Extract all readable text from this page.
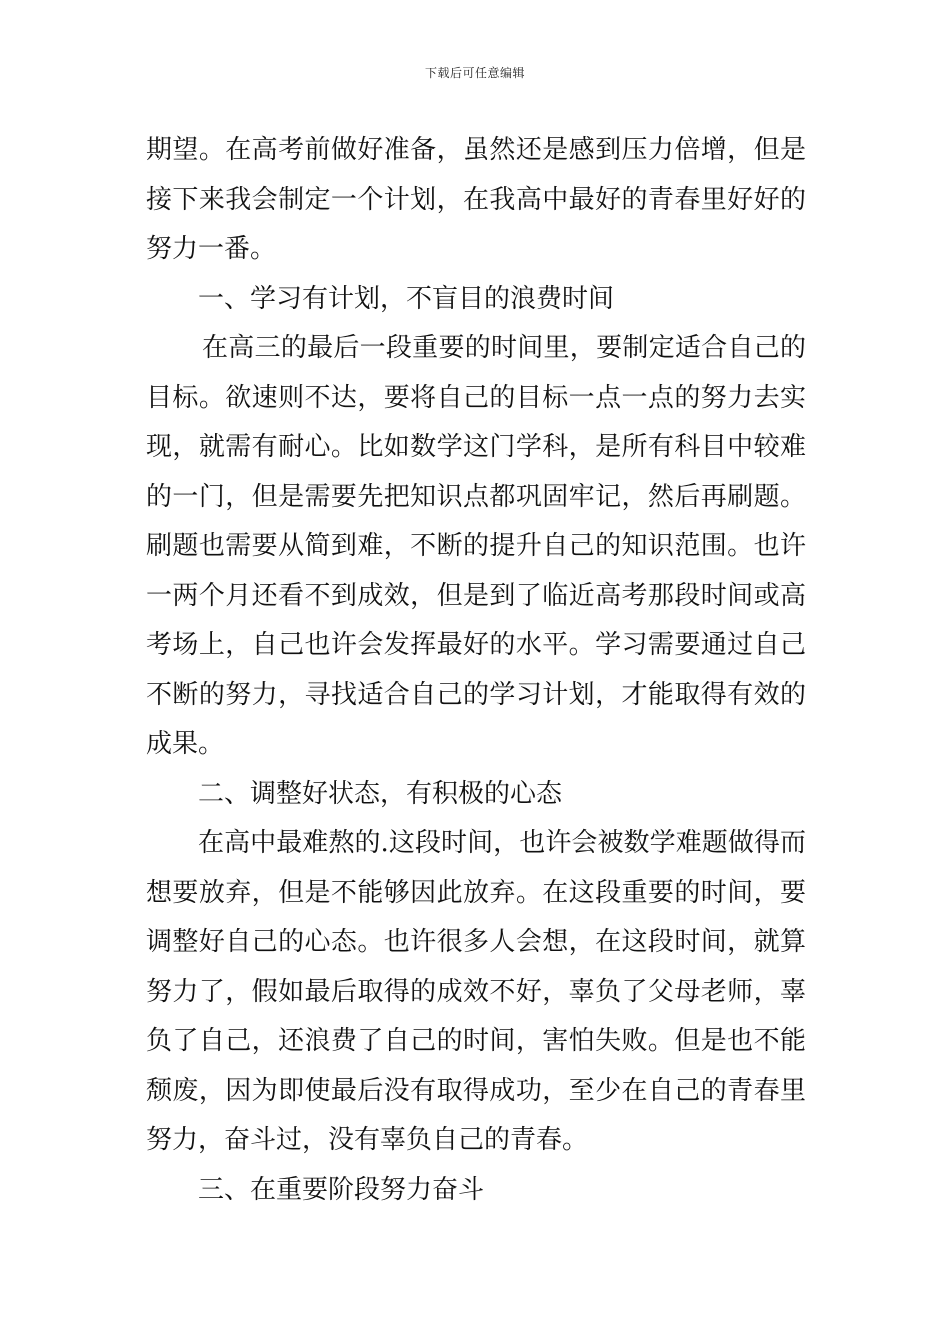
下载后可任意编辑

期望。在高考前做好准备，虽然还是感到压力倍增，但是接下来我会制定一个计划，在我高中最好的青春里好好的努力一番。

一、学习有计划，不盲目的浪费时间

在高三的最后一段重要的时间里，要制定适合自己的目标。欲速则不达，要将自己的目标一点一点的努力去实现，就需有耐心。比如数学这门学科，是所有科目中较难的一门，但是需要先把知识点都巩固牢记，然后再刷题。刷题也需要从简到难，不断的提升自己的知识范围。也许一两个月还看不到成效，但是到了临近高考那段时间或高考场上，自己也许会发挥最好的水平。学习需要通过自己不断的努力，寻找适合自己的学习计划，才能取得有效的成果。

二、调整好状态，有积极的心态

在高中最难熬的.这段时间，也许会被数学难题做得而想要放弃，但是不能够因此放弃。在这段重要的时间，要调整好自己的心态。也许很多人会想，在这段时间，就算努力了，假如最后取得的成效不好，辜负了父母老师，辜负了自己，还浪费了自己的时间，害怕失败。但是也不能颓废，因为即使最后没有取得成功，至少在自己的青春里努力，奋斗过，没有辜负自己的青春。

三、在重要阶段努力奋斗
